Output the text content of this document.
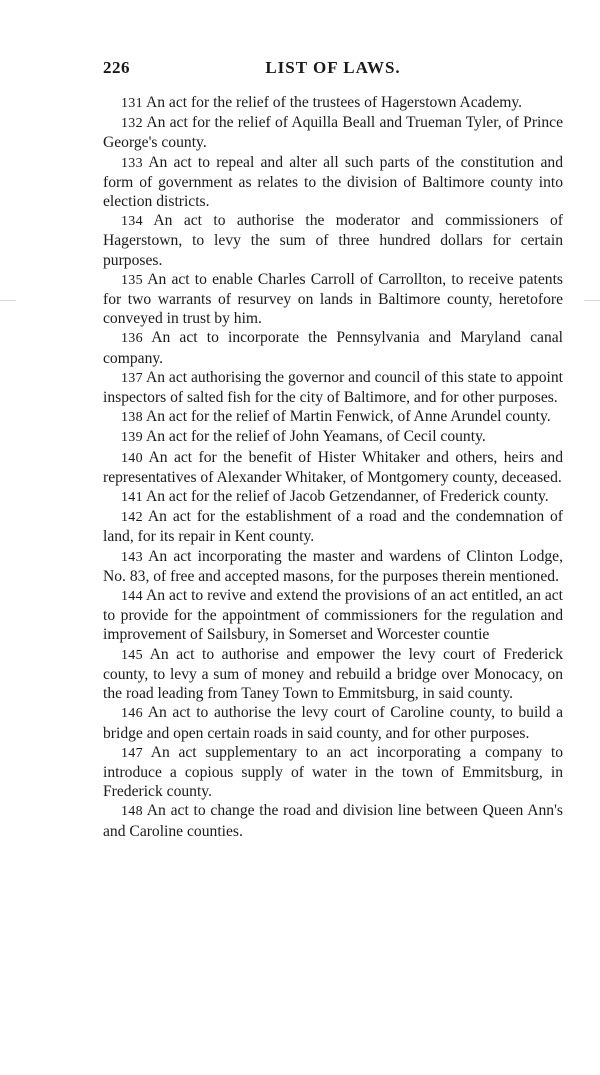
226	LIST OF LAWS.

131 An act for the relief of the trustees of Hagerstown Academy.

132 An act for the relief of Aquilla Beall and Trueman Tyler, of Prince George's county.

133 An act to repeal and alter all such parts of the constitution and form of government as relates to the division of Baltimore county into election districts.

134 An act to authorise the moderator and commissioners of Hagerstown, to levy the sum of three hundred dollars for certain purposes.

135 An act to enable Charles Carroll of Carrollton, to receive patents for two warrants of resurvey on lands in Baltimore county, heretofore conveyed in trust by him.

136 An act to incorporate the Pennsylvania and Maryland canal company.

137 An act authorising the governor and council of this state to appoint inspectors of salted fish for the city of Baltimore, and for other purposes.

138 An act for the relief of Martin Fenwick, of Anne Arundel county.

139 An act for the relief of John Yeamans, of Cecil county.

140 An act for the benefit of Hister Whitaker and others, heirs and representatives of Alexander Whitaker, of Montgomery county, deceased.

141 An act for the relief of Jacob Getzendanner, of Frederick county.

142 An act for the establishment of a road and the condemnation of land, for its repair in Kent county.

143 An act incorporating the master and wardens of Clinton Lodge, No. 83, of free and accepted masons, for the purposes therein mentioned.

144 An act to revive and extend the provisions of an act entitled, an act to provide for the appointment of commissioners for the regulation and improvement of Sailsbury, in Somerset and Worcester countie

145 An act to authorise and empower the levy court of Frederick county, to levy a sum of money and rebuild a bridge over Monocacy, on the road leading from Taney Town to Emmitsburg, in said county.

146 An act to authorise the levy court of Caroline county, to build a bridge and open certain roads in said county, and for other purposes.

147 An act supplementary to an act incorporating a company to introduce a copious supply of water in the town of Emmitsburg, in Frederick county.

148 An act to change the road and division line between Queen Ann's and Caroline counties.
